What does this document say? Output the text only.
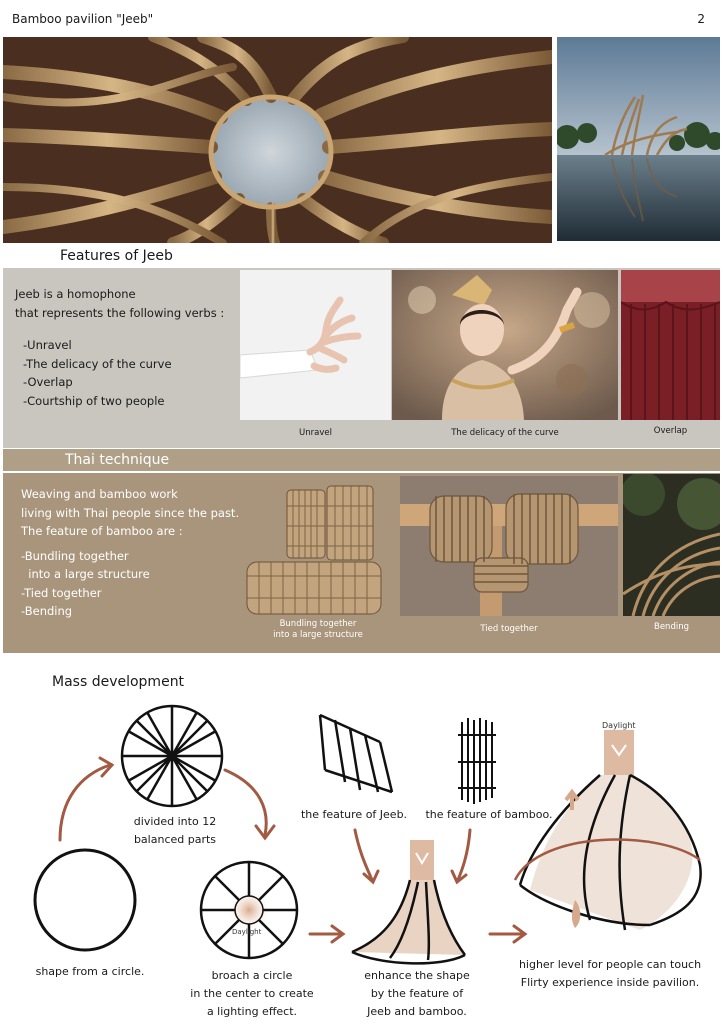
Bamboo pavilion "Jeeb"	2
Features of Jeeb
Jeeb is a homophone
that represents the following verbs :
-Unravel
-The delicacy of the curve
-Overlap
-Courtship of two people
Unravel	The delicacy of the curve	Overlap
Thai technique
Weaving and bamboo work
living with Thai people since the past.
The feature of bamboo are :
-Bundling together
into a large structure
-Tied together
-Bending
Bundling together
into a large structure
Tied together	Bending
Mass development
divided into 12
balanced parts
shape from a circle.	broach a circle
in the center to create
a lighting effect.
the feature of Jeeb.	the feature of bamboo.
enhance the shape
by the feature of
Jeeb and bamboo.
higher level for people can touch
Flirty experience inside pavilion.
Daylight
Daylight
Daylight
